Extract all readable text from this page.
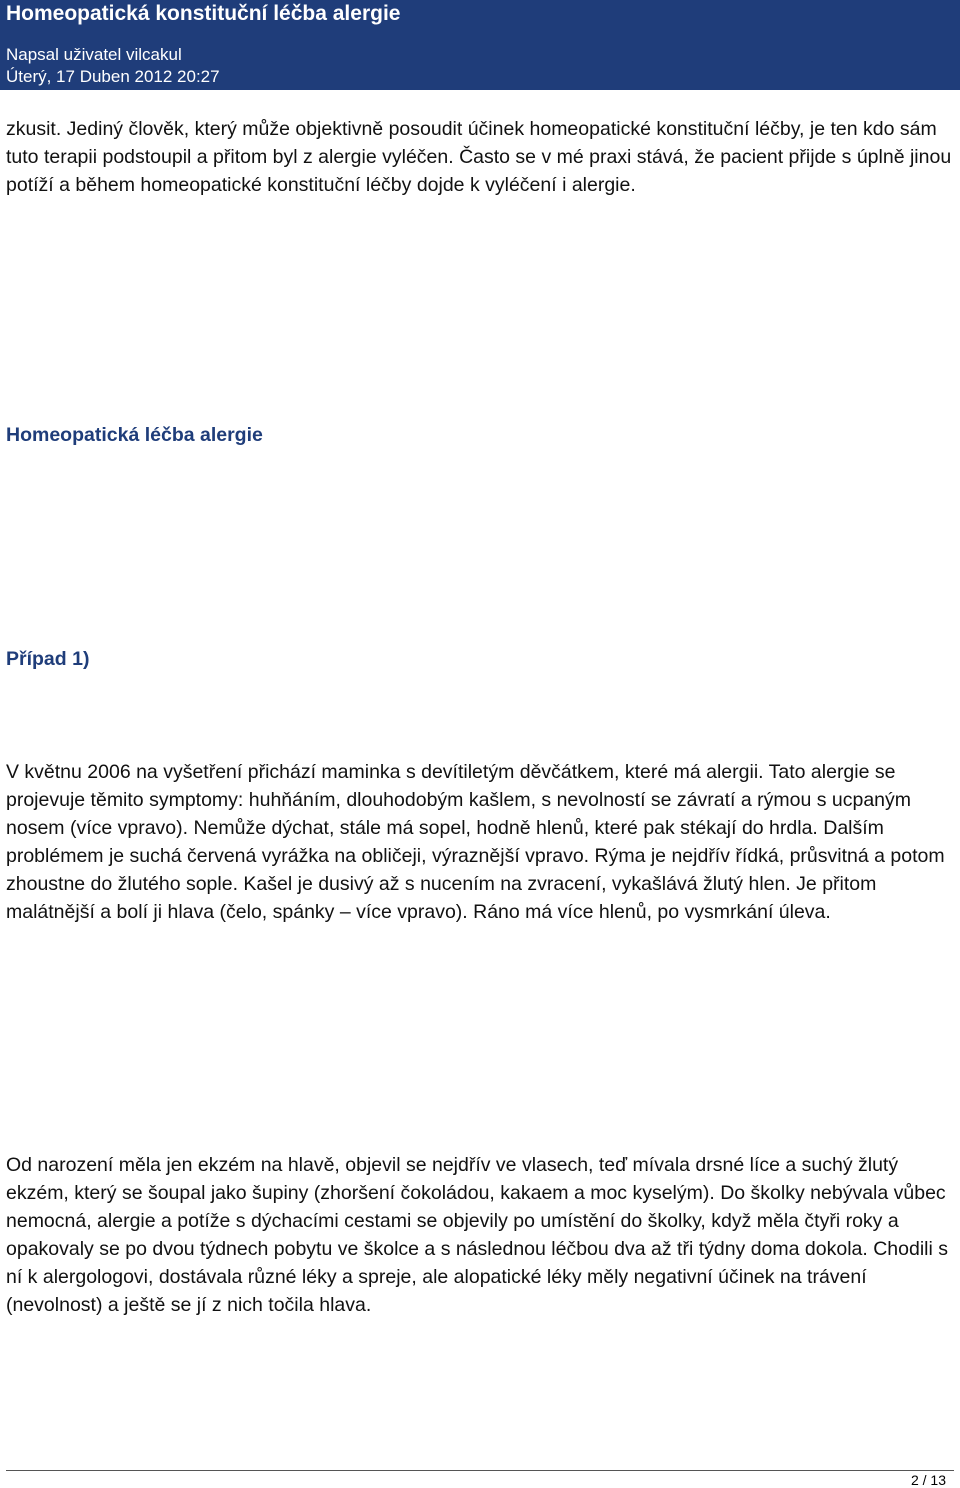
Homeopatická konstituční léčba alergie
Napsal uživatel vilcakul
Úterý, 17 Duben 2012 20:27

zkusit. Jediný člověk, který může objektivně posoudit účinek homeopatické konstituční léčby, je ten kdo sám tuto terapii podstoupil a přitom byl z alergie vyléčen. Často se v mé praxi stává, že pacient přijde s úplně jinou potíží a během homeopatické konstituční léčby dojde k vyléčení i alergie.

Homeopatická léčba alergie
Případ 1)

V květnu 2006 na vyšetření přichází maminka s devítiletým děvčátkem, které má alergii. Tato alergie se projevuje těmito symptomy: huhňáním, dlouhodobým kašlem, s nevolností se závratí a rýmou s ucpaným nosem (více vpravo). Nemůže dýchat, stále má sopel, hodně hlenů, které pak stékají do hrdla. Dalším problémem je suchá červená vyrážka na obličeji, výraznější vpravo. Rýma je nejdřív řídká, průsvitná a potom zhoustne do žlutého sople. Kašel je dusivý až s nucením na zvracení, vykašlává žlutý hlen. Je přitom malátnější a bolí ji hlava (čelo, spánky – více vpravo). Ráno má více hlenů, po vysmrkání úleva.

Od narození měla jen ekzém na hlavě, objevil se nejdřív ve vlasech, teď mívala drsné líce a suchý žlutý ekzém, který se šoupal jako šupiny (zhoršení čokoládou, kakaem a moc kyselým). Do školky nebývala vůbec nemocná, alergie a potíže s dýchacími cestami se objevily po umístění do školky, když měla čtyři roky a opakovaly se po dvou týdnech pobytu ve školce a s následnou léčbou dva až tři týdny doma dokola. Chodili s ní k alergologovi, dostávala různé léky a spreje, ale alopatické léky měly negativní účinek na trávení (nevolnost) a ještě se jí z nich točila hlava.

2 / 13
